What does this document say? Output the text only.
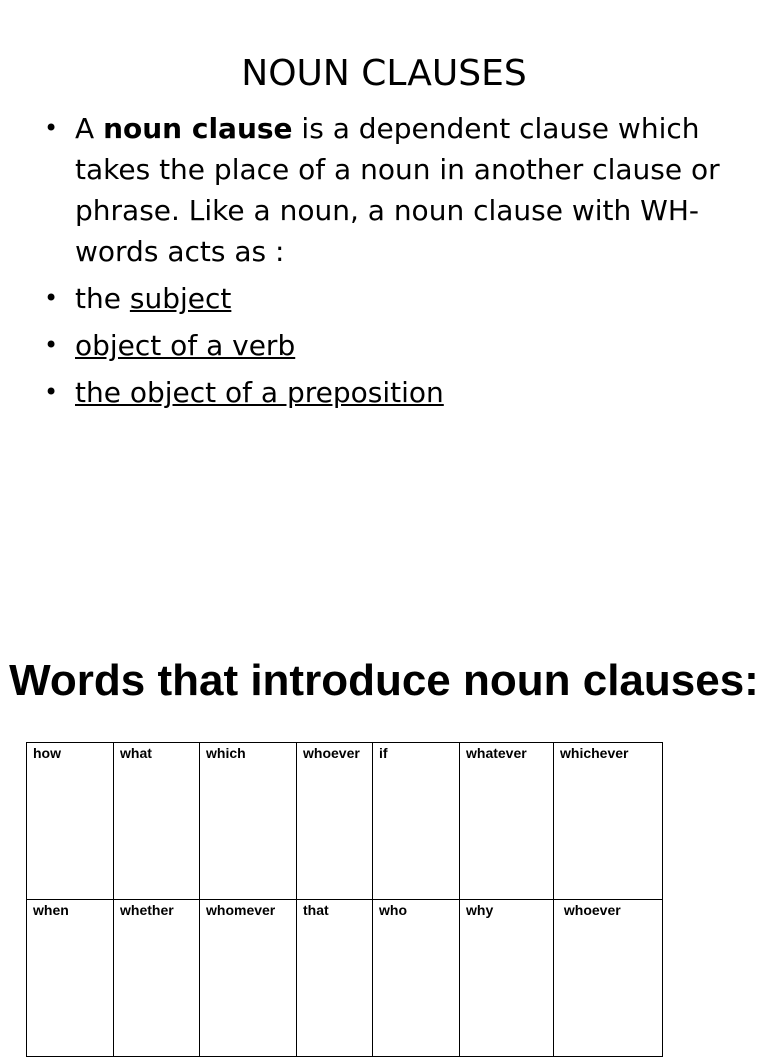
NOUN CLAUSES
• A noun clause is a dependent clause which takes the place of a noun in another clause or phrase. Like a noun, a noun clause with WH-words acts as :
• the subject
• object of a verb
• the object of a preposition
Words that introduce noun clauses:
how	what	which	whoever	if	whatever	whichever
when	whether	whomever	that	who	why	whoever
